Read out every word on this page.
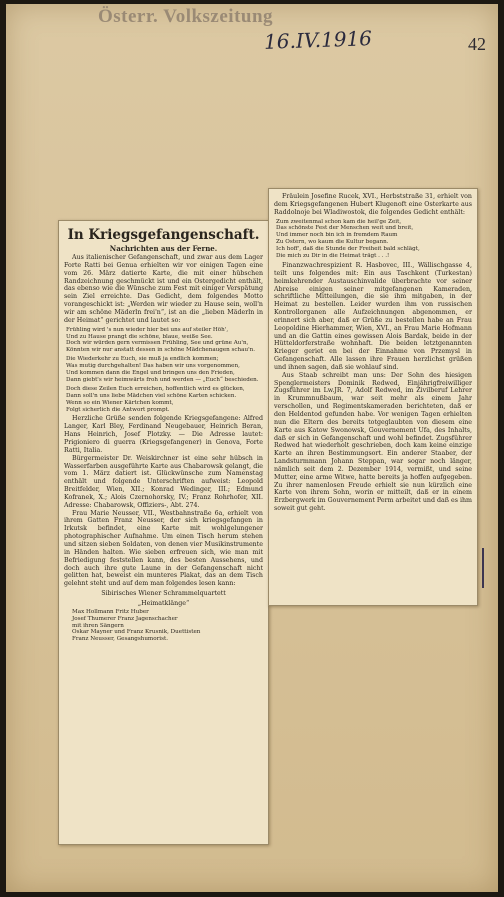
Österr. Volkszeitung
16.IV.1916	42
In Kriegsgefangenschaft.
Nachrichten aus der Ferne.

Aus italienischer Gefangenschaft, und zwar aus dem Lager Forte Ratti bei Genua erhielten wir vor einigen Tagen eine vom 26. März datierte Karte, die mit einer hübschen Randzeichnung geschmückt ist und ein Ostergedicht enthält, das ebenso wie die Wünsche zum Fest mit einiger Verspätung sein Ziel erreichte. Das Gedicht, dem folgendes Motto vorangeschickt ist: „Werden wir wieder zu Hause sein, woll'n wir am schöne Mäderln frei'n“, ist an die „lieben Mäderln in der Heimat“ gerichtet und lautet so:

Frühling wird 's nun wieder hier bei uns auf steiler Höh',
Und zu Hause prangt die schöne, blaue, weiße See.
Doch wir würden gern vermissen Frühling, See und grüne Au'n,
Könnten wir nur anstatt dessen in schöne Mädchenaugen schau'n.
Die Wiederkehr zu Euch, sie muß ja endlich kommen;
Was mutig durchgehalten! Das haben wir uns vorgenommen,
Und kommen dann die Engel und bringen uns den Frieden,
Dann giebt's wir heimwärts froh und werden — „Euch“ beschieden.
Doch diese Zeilen Euch erreichen, hoffentlich wird es glücken,
Dann soll'n uns liebe Mädchen viel schöne Karten schicken.
Wenn so ein Wiener Kärtchen kommt,
Folgt sicherlich die Antwort prompt.

Herzliche Grüße senden folgende Kriegsgefangene: Alfred Langer, Karl Bley, Ferdinand Neugebauer, Heinrich Beran, Hans Heinrich, Josef Plotzky. — Die Adresse lautet: Prigioniero di guerra (Kriegsgefangener) in Genova, Forte Ratti, Italia.

Bürgermeister Dr. Weiskirchner ist eine sehr hübsch in Wasserfarben ausgeführte Karte aus Chabarowsk gelangt, die vom 1. März datiert ist. Glückwünsche zum Namenstag enthält und folgende Unterschriften aufweist: Leopold Breitfelder, Wien, XII.; Konrad Wedinger, III.; Edmund Kofranek, X.; Alois Czernohorsky, IV.; Franz Rohrhofer, XII. Adresse: Chabarowsk, Offiziers-, Abt. 274.

Frau Marie Neusser, VII., Westbahnstraße 6a, erhielt von ihrem Gatten Franz Neusser, der sich kriegsgefangen in Irkutsk befindet, eine Karte mit wohlgelungener photographischer Aufnahme. Um einen Tisch herum stehen und sitzen sieben Soldaten, von denen vier Musikinstrumente in Händen halten. Wie sieben erfreuen sich, wie man mit Befriedigung feststellen kann, des besten Aussehens, und doch auch ihre gute Laune in der Gefangenschaft nicht gelitten hat, beweist ein munteres Plakat, das an dem Tisch gelehnt steht und auf dem man folgendes lesen kann:

Sibirisches Wiener Schrammelquartett
„Heimatklänge“
Max Hollmann Fritz Huber
Josef Thumerer Franz Jagenschacher
mit ihren Sängern
Oskar Mayner und Franz Krusnik, Duettisten
Franz Neusser, Gesangshumorist.

Fräulein Josefine Rucek, XVI., Herbststraße 31, erhielt von dem Kriegsgefangenen Hubert Klugenoft eine Osterkarte aus Raddolnoje bei Wladiwostok, die folgendes Gedicht enthält:

Zum zweitenmal schon kam die heil'ge Zeit,
Das schönste Fest der Menschen weit und breit,
Und immer noch bin ich in fremdem Raum
Zu Ostern, wo kaum die Kultur begann.
Ich hoff', daß die Stunde der Freiheit bald schlägt,
Die mich zu Dir in die Heimat trägt . . .!

Finanzwachrespizient R. Hasbovec, III., Wällischgasse 4, teilt uns folgendes mit: Ein aus Taschkent (Turkestan) heimkehrender Austauschinvalide überbrachte vor seiner Abreise einigen seiner mitgefangenen Kameraden, schriftliche Mitteilungen, die sie ihm mitgaben, in der Heimat zu bestellen. Leider wurden ihm von russischen Kontrollorganen alle Aufzeichnungen abgenommen, er erinnert sich aber, daß er Grüße zu bestellen habe an Frau Leopoldine Hierhammer, Wien, XVI., an Frau Marie Hofmann und an die Gattin eines gewissen Alois Bardak, beide in der Hütteldorferstraße wohnhaft. Die beiden letztgenannten Krieger geriet en bei der Einnahme von Przemysl in Gefangenschaft. Alle lassen ihre Frauen herzlichst grüßen und ihnen sagen, daß sie wohlauf sind.

Aus Staab schreibt man uns: Der Sohn des hiesigen Spenglermeisters Dominik Redwed, Einjährigfreiwilliger Zugsführer im Lw.JR. 7, Adolf Redwed, im Zivilberuf Lehrer in Krummnußbaum, war seit mehr als einem Jahr verschollen, und Regimentskameraden berichteten, daß er den Heldentod gefunden habe. Vor wenigen Tagen erhielten nun die Eltern des bereits totgeglaubten von diesem eine Karte aus Katow Swonowsk, Gouvernement Ufa, des Inhalts, daß er sich in Gefangenschaft und wohl befindet. Zugsführer Redwed hat wiederholt geschrieben, doch kam keine einzige Karte an ihren Bestimmungsort. Ein anderer Staaber, der Landsturmmann Johann Steppan, war sogar noch länger, nämlich seit dem 2. Dezember 1914, vermißt, und seine Mutter, eine arme Witwe, hatte bereits ja hoffen aufgegeben. Zu ihrer namenlosen Freude erhielt sie nun kürzlich eine Karte von ihrem Sohn, worin er mitteilt, daß er in einem Erzbergwerk im Gouvernement Perm arbeitet und daß es ihm soweit gut geht.
